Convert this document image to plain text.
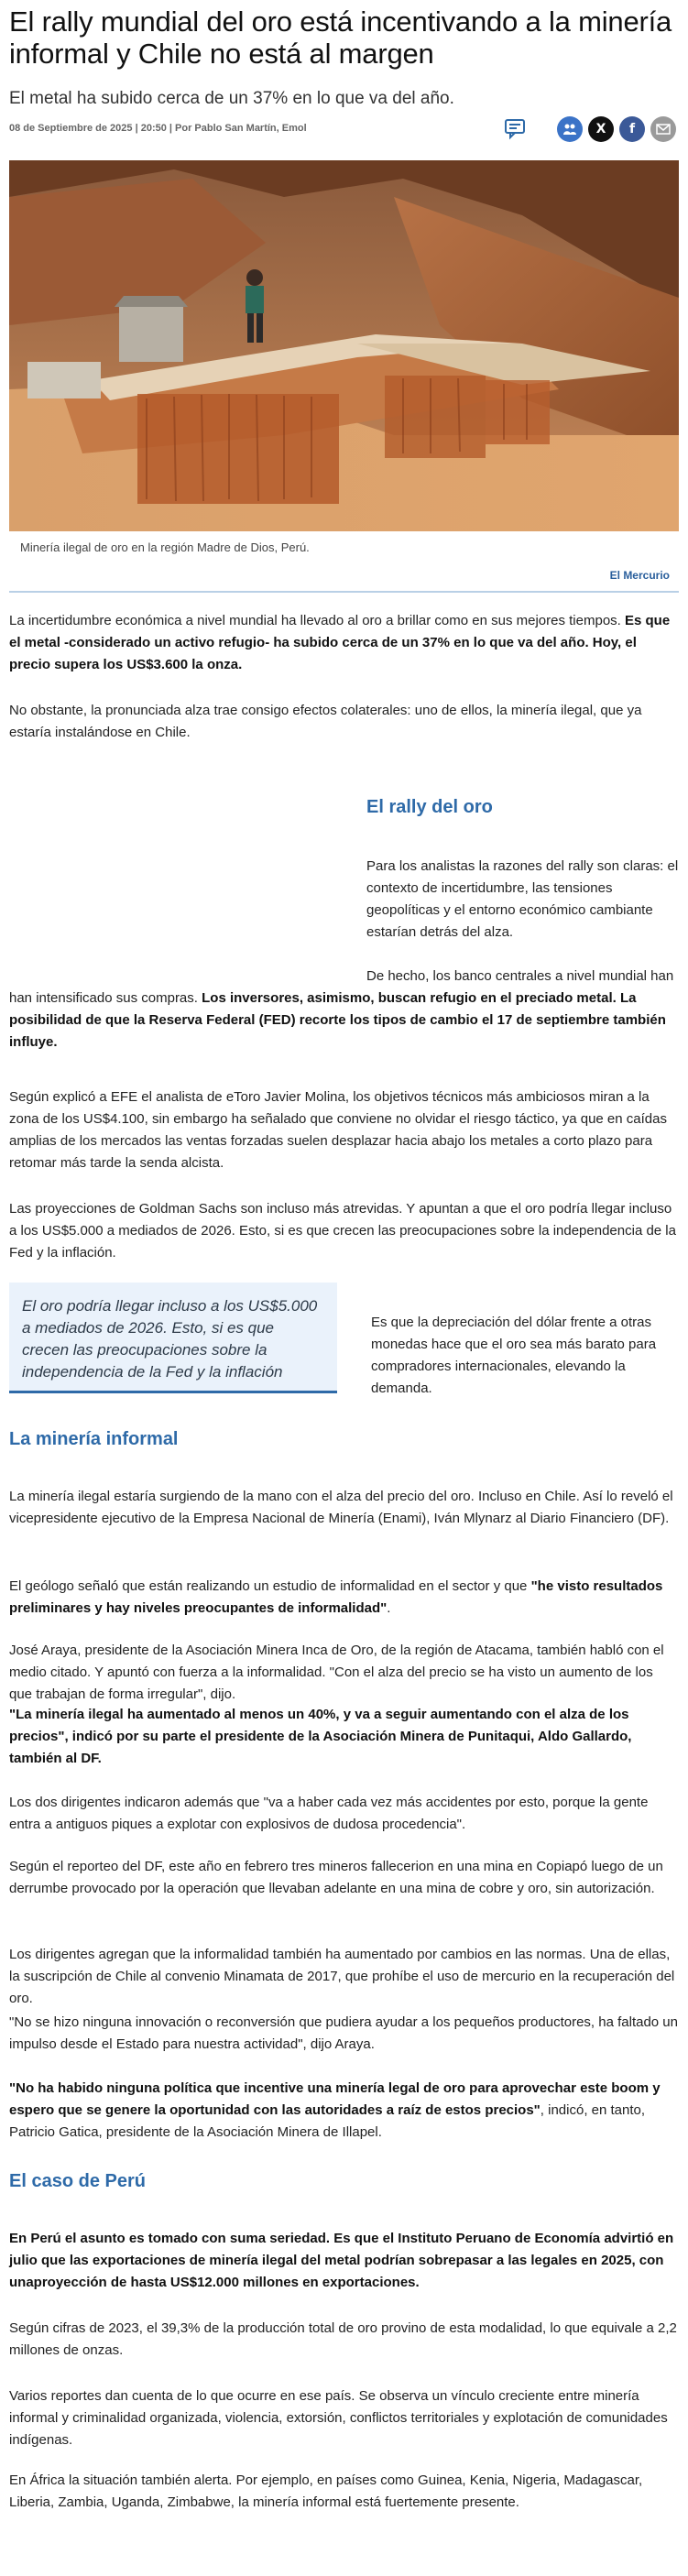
El rally mundial del oro está incentivando a la minería informal y Chile no está al margen
El metal ha subido cerca de un 37% en lo que va del año.
08 de Septiembre de 2025 | 20:50 | Por Pablo San Martín, Emol	X	f
Minería ilegal de oro en la región Madre de Dios, Perú.
El Mercurio

La incertidumbre económica a nivel mundial ha llevado al oro a brillar como en sus mejores tiempos. Es que el metal -considerado un activo refugio- ha subido cerca de un 37% en lo que va del año. Hoy, el precio supera los US$3.600 la onza.

No obstante, la pronunciada alza trae consigo efectos colaterales: uno de ellos, la minería ilegal, que ya estaría instalándose en Chile.

El rally del oro

Para los analistas la razones del rally son claras: el contexto de incertidumbre, las tensiones geopolíticas y el entorno económico cambiante estarían detrás del alza.

De hecho, los banco centrales a nivel mundial han han intensificado sus compras. Los inversores, asimismo, buscan refugio en el preciado metal. La posibilidad de que la Reserva Federal (FED) recorte los tipos de cambio el 17 de septiembre también influye.

Según explicó a EFE el analista de eToro Javier Molina, los objetivos técnicos más ambiciosos miran a la zona de los US$4.100, sin embargo ha señalado que conviene no olvidar el riesgo táctico, ya que en caídas amplias de los mercados las ventas forzadas suelen desplazar hacia abajo los metales a corto plazo para retomar más tarde la senda alcista.

Las proyecciones de Goldman Sachs son incluso más atrevidas. Y apuntan a que el oro podría llegar incluso a los US$5.000 a mediados de 2026. Esto, si es que crecen las preocupaciones sobre la independencia de la Fed y la inflación.

El oro podría llegar incluso a los US$5.000 a mediados de 2026. Esto, si es que crecen las preocupaciones sobre la independencia de la Fed y la inflación

Es que la depreciación del dólar frente a otras monedas hace que el oro sea más barato para compradores internacionales, elevando la demanda.

La minería informal

La minería ilegal estaría surgiendo de la mano con el alza del precio del oro. Incluso en Chile. Así lo reveló el vicepresidente ejecutivo de la Empresa Nacional de Minería (Enami), Iván Mlynarz al Diario Financiero (DF).

El geólogo señaló que están realizando un estudio de informalidad en el sector y que "he visto resultados preliminares y hay niveles preocupantes de informalidad".

José Araya, presidente de la Asociación Minera Inca de Oro, de la región de Atacama, también habló con el medio citado. Y apuntó con fuerza a la informalidad. "Con el alza del precio se ha visto un aumento de los que trabajan de forma irregular", dijo.

"La minería ilegal ha aumentado al menos un 40%, y va a seguir aumentando con el alza de los precios", indicó por su parte el presidente de la Asociación Minera de Punitaqui, Aldo Gallardo, también al DF.

Los dos dirigentes indicaron además que "va a haber cada vez más accidentes por esto, porque la gente entra a antiguos piques a explotar con explosivos de dudosa procedencia".

Según el reporteo del DF, este año en febrero tres mineros fallecerion en una mina en Copiapó luego de un derrumbe provocado por la operación que llevaban adelante en una mina de cobre y oro, sin autorización.

Los dirigentes agregan que la informalidad también ha aumentado por cambios en las normas. Una de ellas, la suscripción de Chile al convenio Minamata de 2017, que prohíbe el uso de mercurio en la recuperación del oro.

"No se hizo ninguna innovación o reconversión que pudiera ayudar a los pequeños productores, ha faltado un impulso desde el Estado para nuestra actividad", dijo Araya.

"No ha habido ninguna política que incentive una minería legal de oro para aprovechar este boom y espero que se genere la oportunidad con las autoridades a raíz de estos precios", indicó, en tanto, Patricio Gatica, presidente de la Asociación Minera de Illapel.

El caso de Perú

En Perú el asunto es tomado con suma seriedad. Es que el Instituto Peruano de Economía advirtió en julio que las exportaciones de minería ilegal del metal podrían sobrepasar a las legales en 2025, con unaproyección de hasta US$12.000 millones en exportaciones.

Según cifras de 2023, el 39,3% de la producción total de oro provino de esta modalidad, lo que equivale a 2,2 millones de onzas.

Varios reportes dan cuenta de lo que ocurre en ese país. Se observa un vínculo creciente entre minería informal y criminalidad organizada, violencia, extorsión, conflictos territoriales y explotación de comunidades indígenas.

En África la situación también alerta. Por ejemplo, en países como Guinea, Kenia, Nigeria, Madagascar, Liberia, Zambia, Uganda, Zimbabwe, la minería informal está fuertemente presente.
